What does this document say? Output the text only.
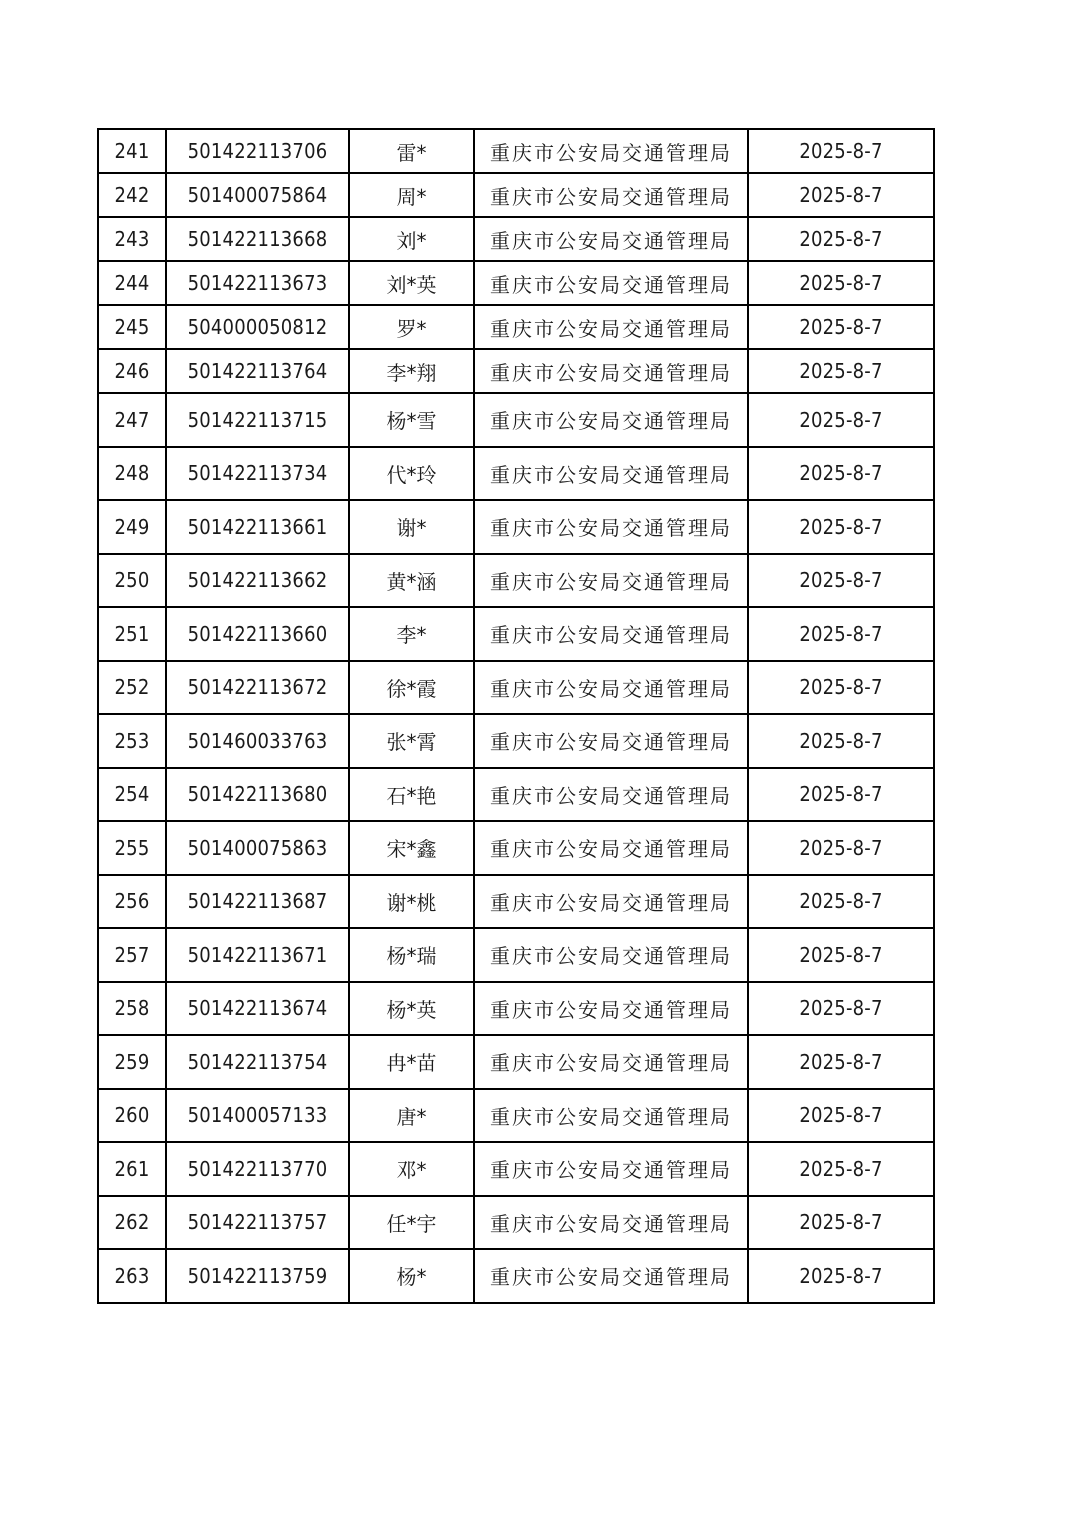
241	501422113706	雷*	重庆市公安局交通管理局	2025-8-7
242	501400075864	周*	重庆市公安局交通管理局	2025-8-7
243	501422113668	刘*	重庆市公安局交通管理局	2025-8-7
244	501422113673	刘*英	重庆市公安局交通管理局	2025-8-7
245	504000050812	罗*	重庆市公安局交通管理局	2025-8-7
246	501422113764	李*翔	重庆市公安局交通管理局	2025-8-7
247	501422113715	杨*雪	重庆市公安局交通管理局	2025-8-7
248	501422113734	代*玲	重庆市公安局交通管理局	2025-8-7
249	501422113661	谢*	重庆市公安局交通管理局	2025-8-7
250	501422113662	黄*涵	重庆市公安局交通管理局	2025-8-7
251	501422113660	李*	重庆市公安局交通管理局	2025-8-7
252	501422113672	徐*霞	重庆市公安局交通管理局	2025-8-7
253	501460033763	张*霄	重庆市公安局交通管理局	2025-8-7
254	501422113680	石*艳	重庆市公安局交通管理局	2025-8-7
255	501400075863	宋*鑫	重庆市公安局交通管理局	2025-8-7
256	501422113687	谢*桃	重庆市公安局交通管理局	2025-8-7
257	501422113671	杨*瑞	重庆市公安局交通管理局	2025-8-7
258	501422113674	杨*英	重庆市公安局交通管理局	2025-8-7
259	501422113754	冉*苗	重庆市公安局交通管理局	2025-8-7
260	501400057133	唐*	重庆市公安局交通管理局	2025-8-7
261	501422113770	邓*	重庆市公安局交通管理局	2025-8-7
262	501422113757	任*宇	重庆市公安局交通管理局	2025-8-7
263	501422113759	杨*	重庆市公安局交通管理局	2025-8-7
